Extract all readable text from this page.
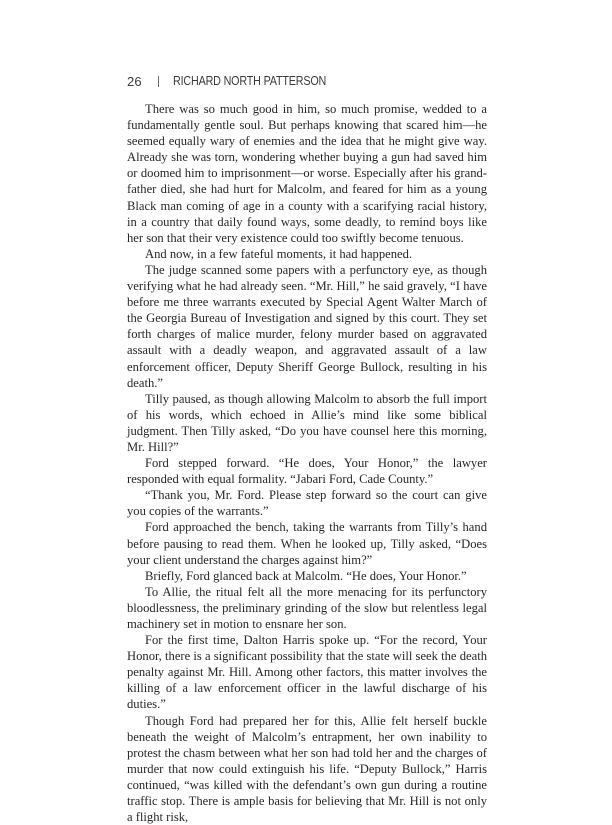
26 RICHARD NORTH PATTERSON

There was so much good in him, so much promise, wedded to a fundamentally gentle soul. But perhaps knowing that scared him—he seemed equally wary of enemies and the idea that he might give way. Already she was torn, wondering whether buying a gun had saved him or doomed him to imprisonment—or worse. Especially after his grandfather died, she had hurt for Malcolm, and feared for him as a young Black man coming of age in a county with a scarifying racial history, in a country that daily found ways, some deadly, to remind boys like her son that their very existence could too swiftly become tenuous.

And now, in a few fateful moments, it had happened.

The judge scanned some papers with a perfunctory eye, as though verifying what he had already seen. “Mr. Hill,” he said gravely, “I have before me three warrants executed by Special Agent Walter March of the Georgia Bureau of Investigation and signed by this court. They set forth charges of malice murder, felony murder based on aggravated assault with a deadly weapon, and aggravated assault of a law enforcement officer, Deputy Sheriff George Bullock, resulting in his death.”

Tilly paused, as though allowing Malcolm to absorb the full import of his words, which echoed in Allie’s mind like some biblical judgment. Then Tilly asked, “Do you have counsel here this morning, Mr. Hill?”

Ford stepped forward. “He does, Your Honor,” the lawyer responded with equal formality. “Jabari Ford, Cade County.”

“Thank you, Mr. Ford. Please step forward so the court can give you copies of the warrants.”

Ford approached the bench, taking the warrants from Tilly’s hand before pausing to read them. When he looked up, Tilly asked, “Does your client understand the charges against him?”

Briefly, Ford glanced back at Malcolm. “He does, Your Honor.”

To Allie, the ritual felt all the more menacing for its perfunctory bloodlessness, the preliminary grinding of the slow but relentless legal machinery set in motion to ensnare her son.

For the first time, Dalton Harris spoke up. “For the record, Your Honor, there is a significant possibility that the state will seek the death penalty against Mr. Hill. Among other factors, this matter involves the killing of a law enforcement officer in the lawful discharge of his duties.”

Though Ford had prepared her for this, Allie felt herself buckle beneath the weight of Malcolm’s entrapment, her own inability to protest the chasm between what her son had told her and the charges of murder that now could extinguish his life. “Deputy Bullock,” Harris continued, “was killed with the defendant’s own gun during a routine traffic stop. There is ample basis for believing that Mr. Hill is not only a flight risk,
